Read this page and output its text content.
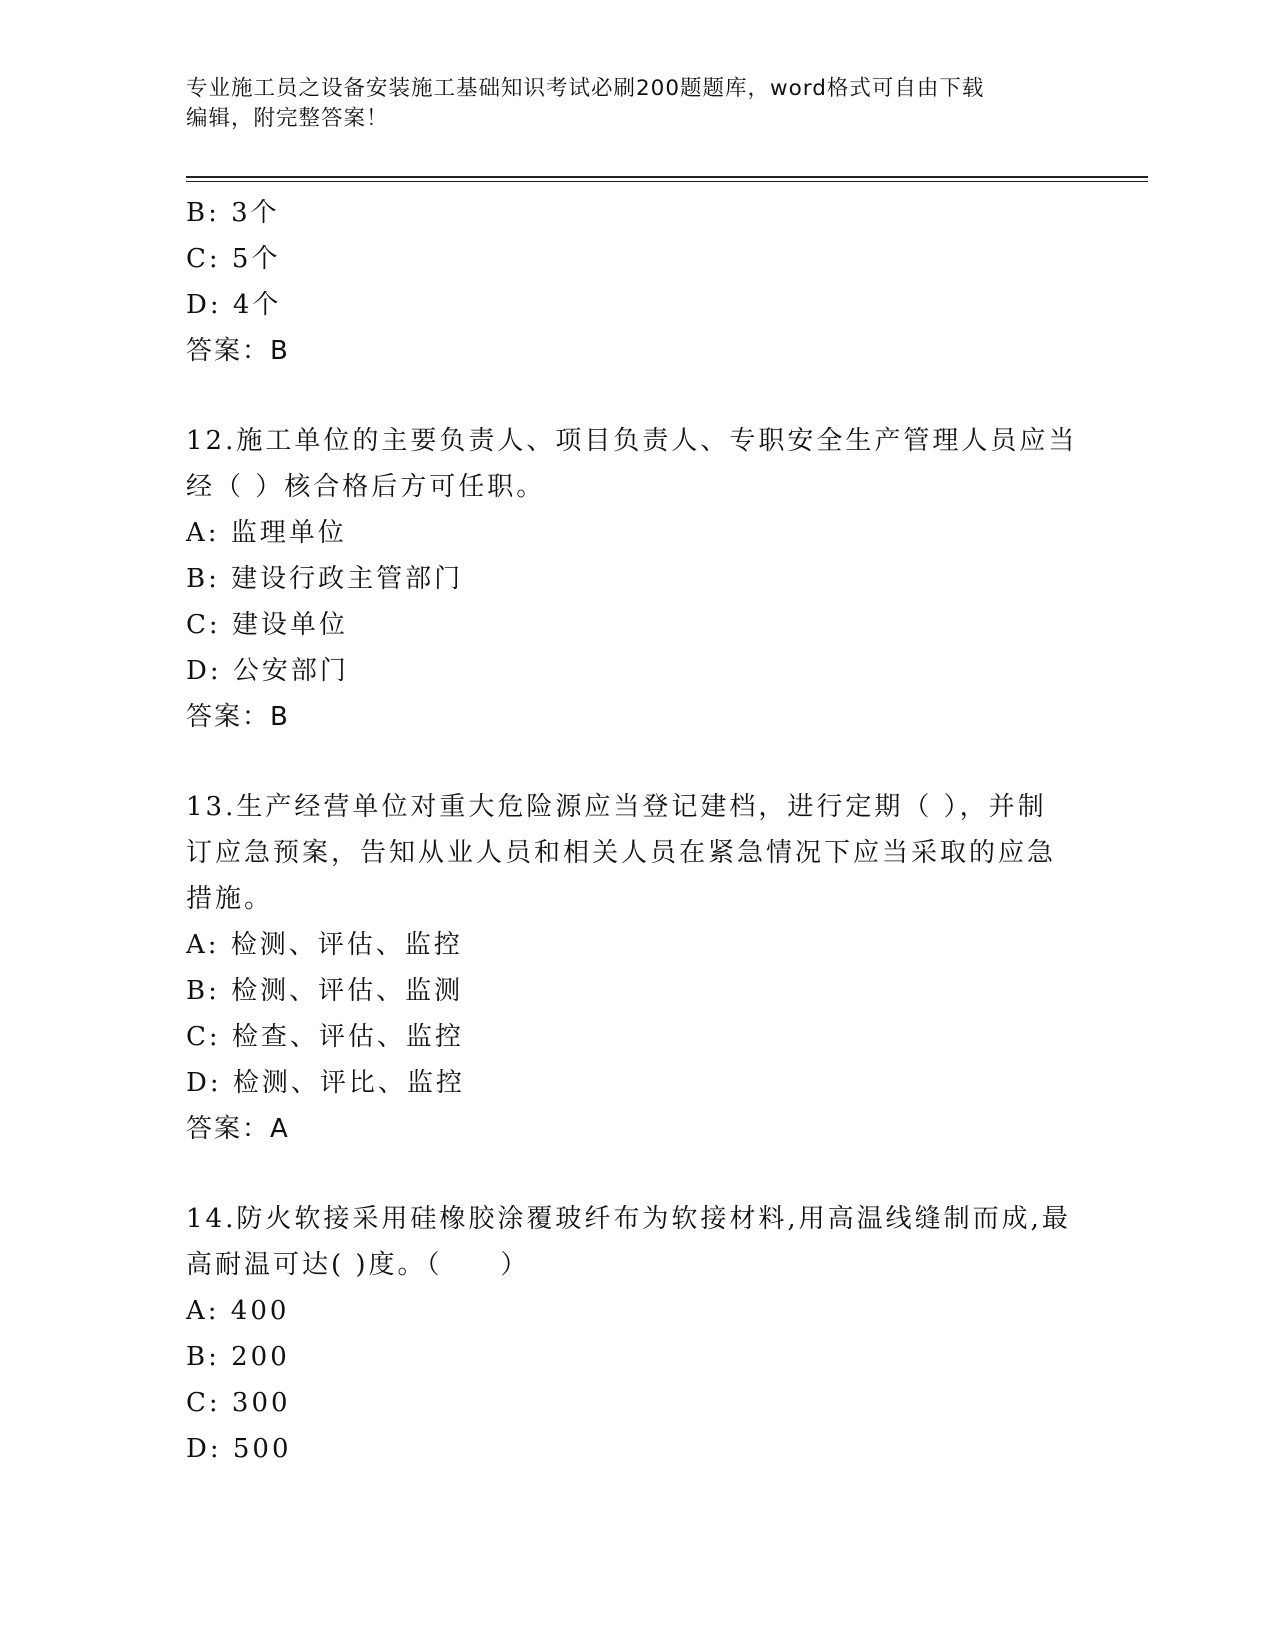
专业施工员之设备安装施工基础知识考试必刷200题题库，word格式可自由下载
编辑，附完整答案！
B: 3个
C: 5个
D: 4个
答案：B
12.施工单位的主要负责人、项目负责人、专职安全生产管理人员应当
经（ ）核合格后方可任职。
A: 监理单位
B: 建设行政主管部门
C: 建设单位
D: 公安部门
答案：B
13.生产经营单位对重大危险源应当登记建档，进行定期（ ），并制
订应急预案，告知从业人员和相关人员在紧急情况下应当采取的应急
措施。
A: 检测、评估、监控
B: 检测、评估、监测
C: 检查、评估、监控
D: 检测、评比、监控
答案：A
14.防火软接采用硅橡胶涂覆玻纤布为软接材料,用高温线缝制而成,最
高耐温可达( )度。（　　）
A: 400
B: 200
C: 300
D: 500
